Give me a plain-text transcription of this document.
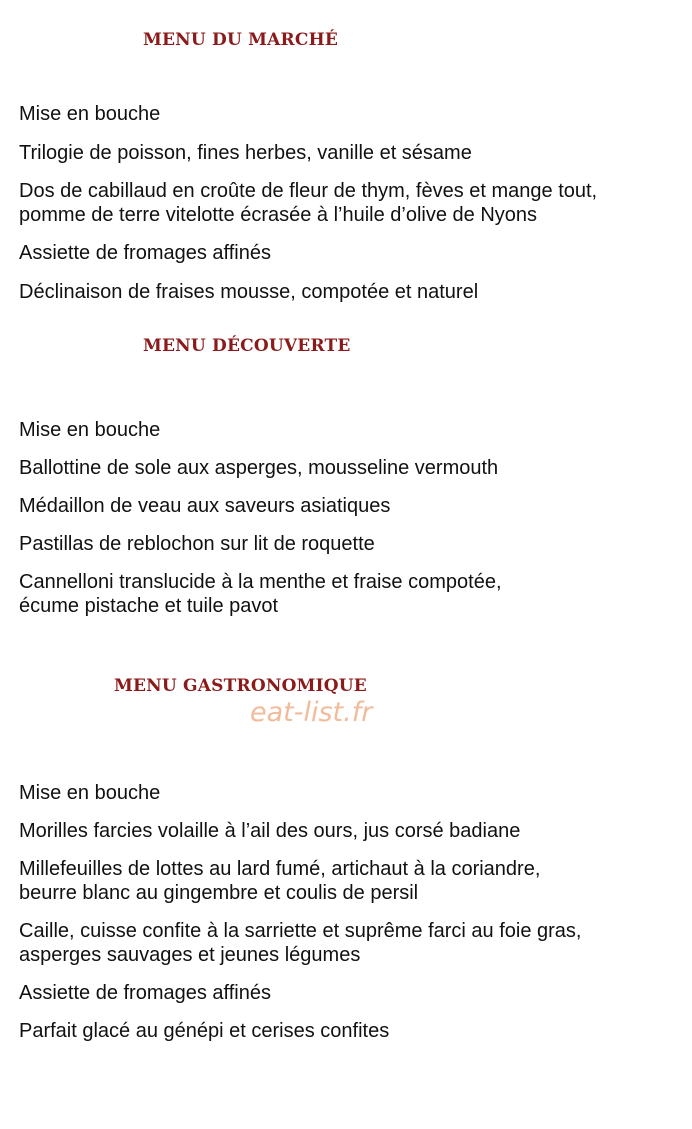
MENU DU MARCHÉ
Mise en bouche
Trilogie de poisson, fines herbes, vanille et sésame
Dos de cabillaud en croûte de fleur de thym, fèves et mange tout,
pomme de terre vitelotte écrasée à l’huile d’olive de Nyons
Assiette de fromages affinés
Déclinaison de fraises mousse, compotée et naturel
MENU DÉCOUVERTE
Mise en bouche
Ballottine de sole aux asperges, mousseline vermouth
Médaillon de veau aux saveurs asiatiques
Pastillas de reblochon sur lit de roquette
Cannelloni translucide à la menthe et fraise compotée,
écume pistache et tuile pavot
MENU GASTRONOMIQUE
eat-list.fr
Mise en bouche
Morilles farcies volaille à l’ail des ours, jus corsé badiane
Millefeuilles de lottes au lard fumé, artichaut à la coriandre,
beurre blanc au gingembre et coulis de persil
Caille, cuisse confite à la sarriette et suprême farci au foie gras,
asperges sauvages et jeunes légumes
Assiette de fromages affinés
Parfait glacé au génépi et cerises confites
